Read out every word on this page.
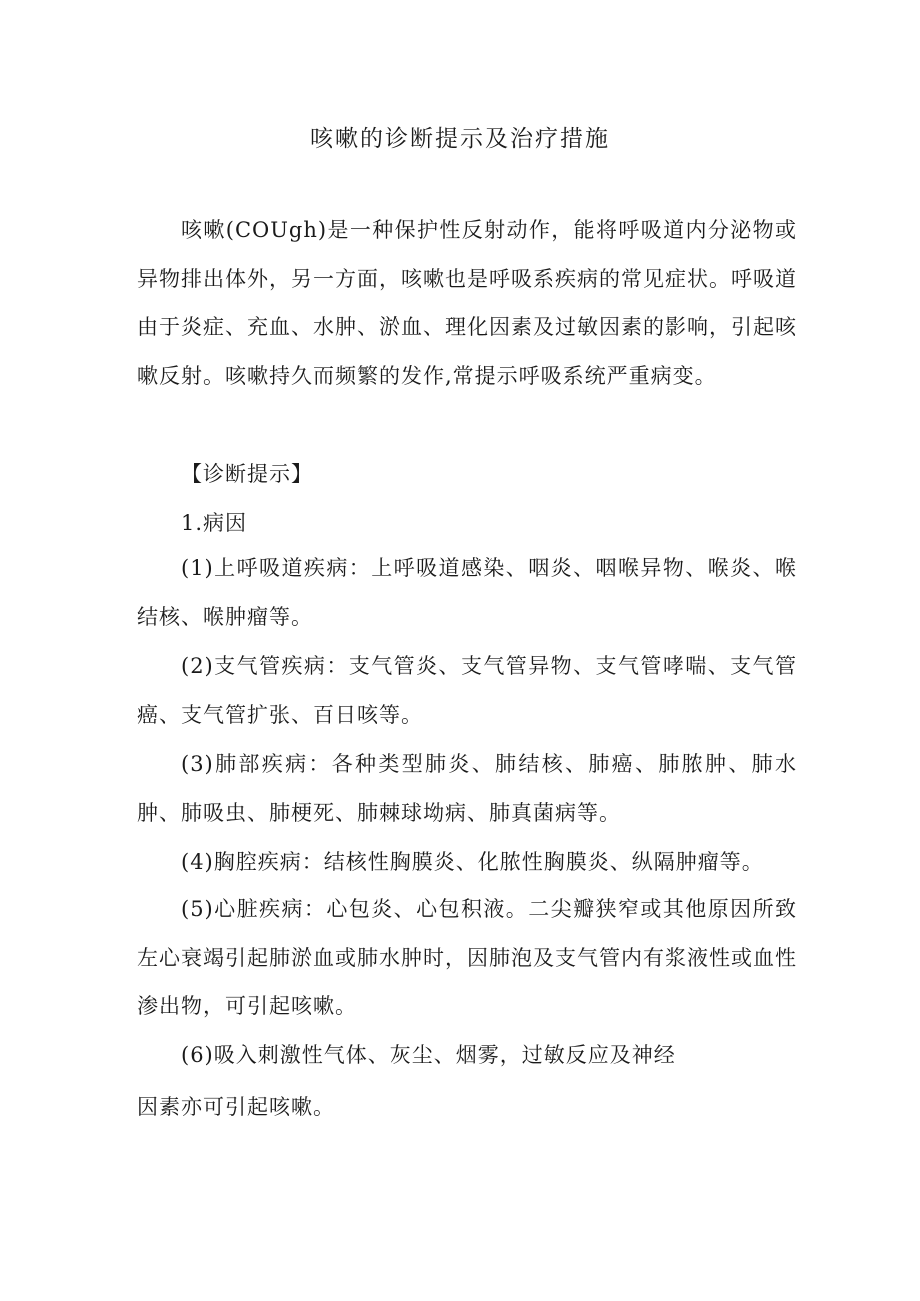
咳嗽的诊断提示及治疗措施

咳嗽(COUgh)是一种保护性反射动作，能将呼吸道内分泌物或异物排出体外，另一方面，咳嗽也是呼吸系疾病的常见症状。呼吸道由于炎症、充血、水肿、淤血、理化因素及过敏因素的影响，引起咳嗽反射。咳嗽持久而频繁的发作,常提示呼吸系统严重病变。

【诊断提示】

1.病因

(1)上呼吸道疾病：上呼吸道感染、咽炎、咽喉异物、喉炎、喉结核、喉肿瘤等。

(2)支气管疾病：支气管炎、支气管异物、支气管哮喘、支气管癌、支气管扩张、百日咳等。

(3)肺部疾病：各种类型肺炎、肺结核、肺癌、肺脓肿、肺水肿、肺吸虫、肺梗死、肺棘球坳病、肺真菌病等。

(4)胸腔疾病：结核性胸膜炎、化脓性胸膜炎、纵隔肿瘤等。

(5)心脏疾病：心包炎、心包积液。二尖瓣狭窄或其他原因所致左心衰竭引起肺淤血或肺水肿时，因肺泡及支气管内有浆液性或血性渗出物，可引起咳嗽。

(6)吸入刺激性气体、灰尘、烟雾，过敏反应及神经

因素亦可引起咳嗽。
